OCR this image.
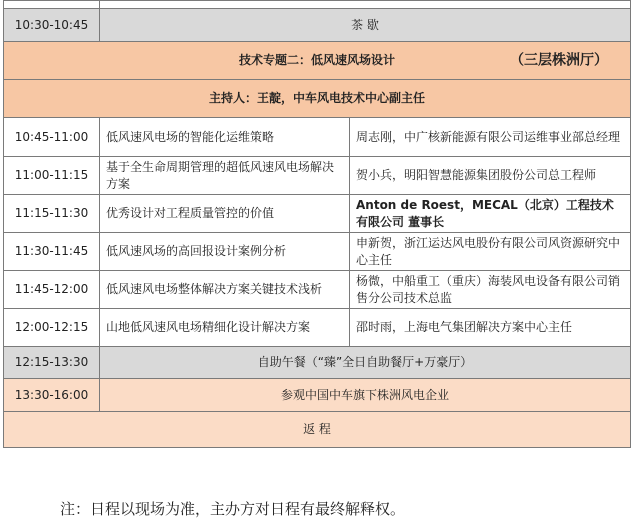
10:30-10:45	茶 歇	
技术专题二：低风速风场设计 （三层株洲厅）		

主持人：王靛，中车风电技术中心副主任		
10:45-11:00	低风速风电场的智能化运维策略	周志刚，中广核新能源有限公司运维事业部总经理
11:00-11:15	基于全生命周期管理的超低风速风电场解决方案	贺小兵，明阳智慧能源集团股份公司总工程师
11:15-11:30	优秀设计对工程质量管控的价值	Anton de Roest，MECAL（北京）工程技术有限公司 董事长
11:30-11:45	低风速风场的高回报设计案例分析	申新贺，浙江运达风电股份有限公司风资源研究中心主任
11:45-12:00	低风速风电场整体解决方案关键技术浅析	杨微，中船重工（重庆）海装风电设备有限公司销售分公司技术总监
12:00-12:15	山地低风速风电场精细化设计解决方案	邵时雨，上海电气集团解决方案中心主任
12:15-13:30	自助午餐（“臻”全日自助餐厅+万豪厅）	
13:30-16:00	参观中国中车旗下株洲风电企业	
返 程		
注：日程以现场为准，主办方对日程有最终解释权。
